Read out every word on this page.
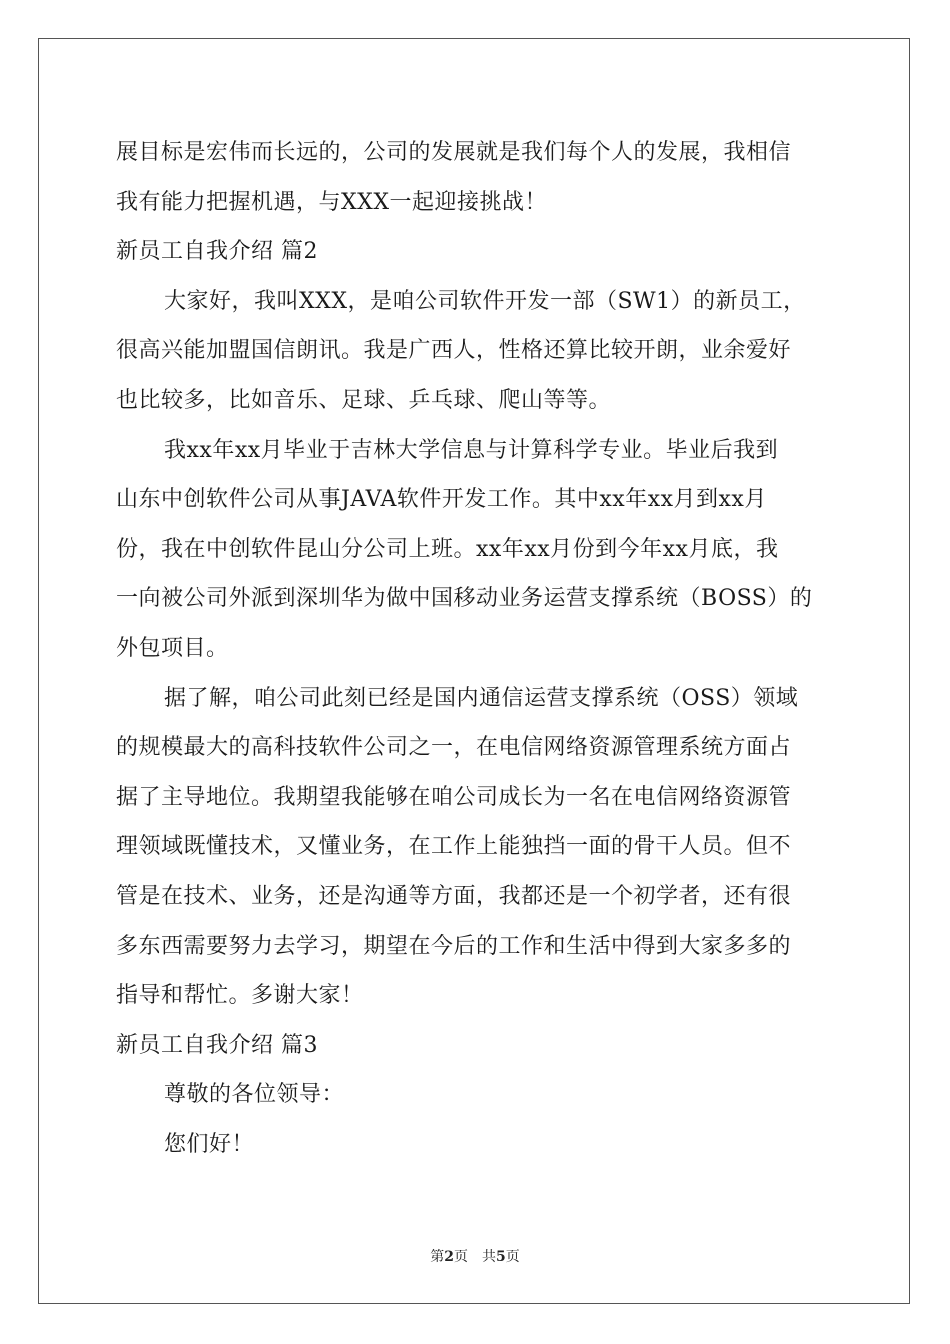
展目标是宏伟而长远的，公司的发展就是我们每个人的发展，我相信
我有能力把握机遇，与XXX一起迎接挑战！
新员工自我介绍 篇2
大家好，我叫XXX，是咱公司软件开发一部（SW1）的新员工，
很高兴能加盟国信朗讯。我是广西人，性格还算比较开朗，业余爱好
也比较多，比如音乐、足球、乒乓球、爬山等等。
我xx年xx月毕业于吉林大学信息与计算科学专业。毕业后我到
山东中创软件公司从事JAVA软件开发工作。其中xx年xx月到xx月
份，我在中创软件昆山分公司上班。xx年xx月份到今年xx月底，我
一向被公司外派到深圳华为做中国移动业务运营支撑系统（BOSS）的
外包项目。
据了解，咱公司此刻已经是国内通信运营支撑系统（OSS）领域
的规模最大的高科技软件公司之一，在电信网络资源管理系统方面占
据了主导地位。我期望我能够在咱公司成长为一名在电信网络资源管
理领域既懂技术，又懂业务，在工作上能独挡一面的骨干人员。但不
管是在技术、业务，还是沟通等方面，我都还是一个初学者，还有很
多东西需要努力去学习，期望在今后的工作和生活中得到大家多多的
指导和帮忙。多谢大家！
新员工自我介绍 篇3
尊敬的各位领导：
您们好！
第2页　共5页
